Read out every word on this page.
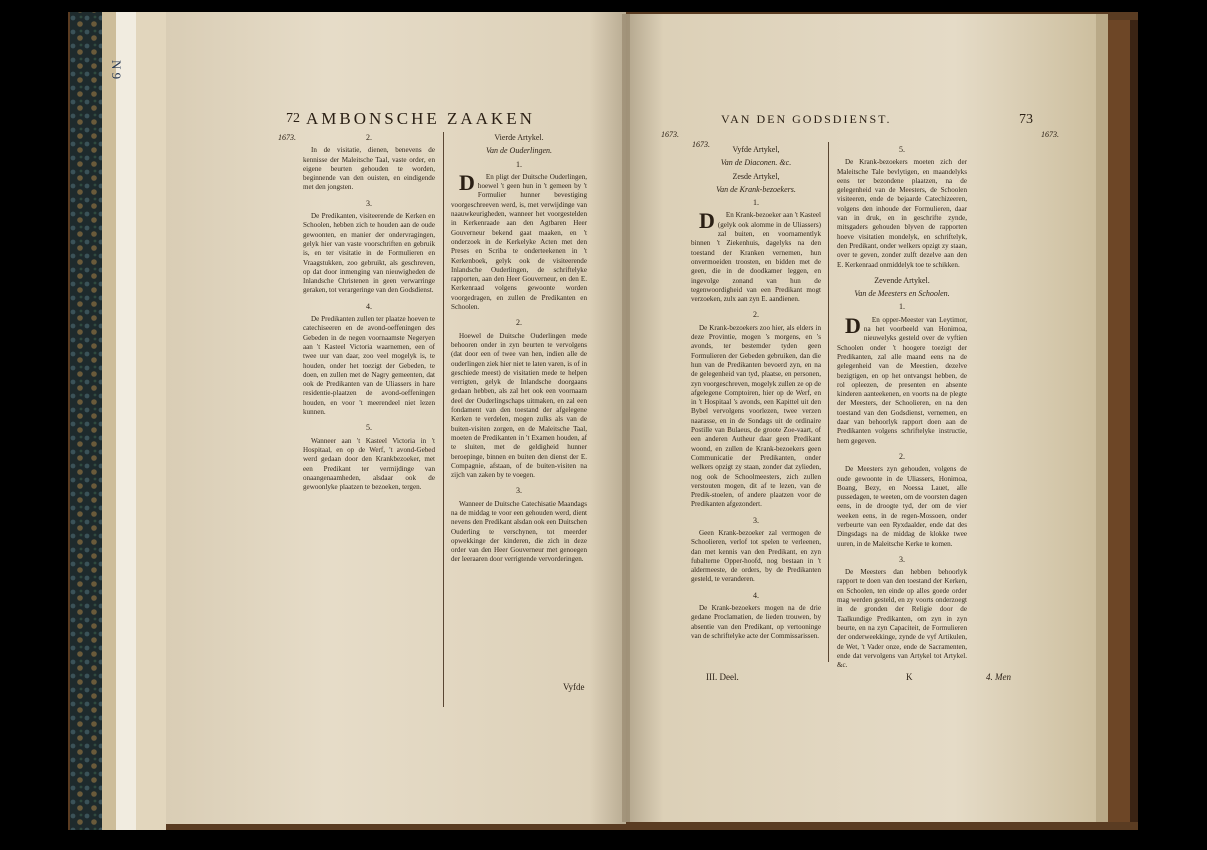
N 9
72 AMBONSCHE ZAAKEN
1673.
1673.

2.

In de visitatie, dienen, benevens de kennisse der Maleitsche Taal, vaste order, en eigene beurten gehouden te worden, beginnende van den ouisten, en eindigende met den jongsten.

3.

De Predikanten, visiteerende de Kerken en Schoolen, hebben zich te houden aan de oude gewoonten, en manier der ondervragingen, gelyk hier van vaste voorschriften en gebruik is, en ter visitatie in de Formulieren en Vraagstukken, zoo gebruikt, als geschreven, op dat door inmenging van nieuwigheden de Inlandsche Christenen in geen verwarringe geraken, tot verargeringe van den Godsdienst.

4.

De Predikanten zullen ter plaatze hoeven te catechiseeren en de avond-oeffeningen des Gebeden in de negen voornaamste Negeryen aan 't Kasteel Victoria waarnemen, een of twee uur van daar, zoo veel mogelyk is, te houden, onder het toezigt der Gebeden, te doen, en zullen met de Nagry gemeenten, dat ook de Predikanten van de Uliassers in hare residentie-plaatzen de avond-oeffeningen houden, en voor 't meerendeel niet lezen kunnen.

5.

Wanneer aan 't Kasteel Victoria in 't Hospitaal, en op de Werf, 't avond-Gebed werd gedaan door den Krankbezoeker, met een Predikant ter vermijdinge van onaangenaamheden, alsdaar ook de gewoonlyke plaatzen te bezoeken, tergen.

Vierde Artykel.

Van de Ouderlingen.

1.

D En pligt der Duitsche Ouderlingen, hoewel 't geen hun in 't gemeen by 't Formulier hunner bevestiging voorgeschreeven werd, is, met verwijdinge van naauwkeurigheden, wanneer het voorgestelden in Kerkenraade aan den Agtbaren Heer Gouverneur bekend gaat maaken, en 't onderzoek in de Kerkelyke Acten met den Preses en Scriba te onderteekenen in 't Kerkenboek, gelyk ook de visiteerende Inlandsche Ouderlingen, de schriftelyke rapporten, aan den Heer Gouverneur, en den E. Kerkenraad volgens gewoonte worden voorgedragen, en zullen de Predikanten en Schoolen.

2.

Hoewel de Duitsche Ouderlingen mede behooren onder in zyn beurten te vervolgens (dat door een of twee van hen, indien alle de ouderlingen ziek hier niet te laten varen, is of in geschiede meest) de visitatien mede te helpen verrigten, gelyk de Inlandsche doorgaans gedaan hebben, als zal het ook een voornaam deel der Ouderlingschaps uitmaken, en zal een fondament van den toestand der afgelegene Kerken te verdelen, mogen zulks als van de buiten-visiten zorgen, en de Maleitsche Taal, moeten de Predikanten in 't Examen houden, af te sluiten, met de geldigheid hunner beroepinge, binnen en buiten den dienst der E. Compagnie, afstaan, of de buiten-visiten na zijch van zaken by te voegen.

3.

Wanneer de Duitsche Catechisatie Maandags na de middag te voor een gehouden werd, dient nevens den Predikant alsdan ook een Duitschen Ouderling te verschynen, tot meerder opwekkinge der kinderen, die zich in deze order van den Heer Gouverneur met genoegen der leeraaren door verrigtende vervorderingen.

Vyfde
1673.
VAN DEN GODSDIENST.	73
1673.

Vyfde Artykel,

Van de Diaconen. &c.

Zesde Artykel,

Van de Krank-bezoekers.

1.

D En Krank-bezoeker aan 't Kasteel (gelyk ook alomme in de Uliassers) zal buiten, en voornamentlyk binnen 't Ziekenhuis, dagelyks na den toestand der Kranken vernemen, hun onvermoeiden troosten, en bidden met de geen, die in de doodkamer leggen, en ingevolge zonand van hun de tegenwoordigheid van een Predikant mogt verzoeken, zulx aan zyn E. aandienen.

2.

De Krank-bezoekers zoo hier, als elders in deze Provintie, mogen 's morgens, en 's avonds, ter bestemder tyden geen Formulieren der Gebeden gebruiken, dan die hun van de Predikanten bevoerd zyn, en na de gelegenheid van tyd, plaatse, en personen, zyn voorgeschreven, mogelyk zullen ze op de afgelegene Comptoiren, hier op de Werf, en in 't Hospitaal 's avonds, een Kapittel uit den Bybel vervolgens voorlezen, twee verzen naarasse, en in de Sondags uit de ordinaire Postille van Bulaeus, de groote Zoe-vaart, of een anderen Autheur daar geen Predikant woond, en zullen de Krank-bezoekers geen Communicatie der Predikanten, onder welkers opzigt zy staan, zonder dat zylieden, nog ook de Schoolmeesters, zich zullen verstouten mogen, dit af te lezen, van de Predik-stoelen, of andere plaatzen voor de Predikanten afgezondert.

3.

Geen Krank-bezoeker zal vermogen de Schoolieren, verlof tot spelen te verleenen, dan met kennis van den Predikant, en zyn fubalterne Opper-hoofd, nog bestaan in 't aldermeeste, de orders, by de Predikanten gesteld, te veranderen.

4.

De Krank-bezoekers mogen na de drie gedane Proclamatien, de lieden trouwen, by absentie van den Predikant, op vertooninge van de schriftelyke acte der Commissarissen.

5.

De Krank-bezoekers moeten zich der Maleitsche Tale bevlytigen, en maandelyks eens ter bezondene plaatzen, na de gelegenheid van de Meesters, de Schoolen visiteeren, ende de bejaarde Catechizeeren, volgens den inhoude der Formulieren, daar van in druk, en in geschrifte zynde, mitsgaders gehouden blyven de rapporten hoeve visitatien mondelyk, en schriftelyk, den Predikant, onder welkers opzigt zy staan, over te geven, zonder zulft dezelve aan den E. Kerkenraad onmiddelyk toe te schikken.

Zevende Artykel.

Van de Meesters en Schoolen.

1.

D En opper-Meester van Leytimor, na het voorbeeld van Honimoa, nieuwelyks gesteld over de vyftien Schoolen onder 't hoogere toezigt der Predikanten, zal alle maand eens na de gelegenheid van de Meestien, dezelve bezigtigen, en op het ontvangst hebben, de rol opleezen, de presenten en absente kinderen aanteekenen, en voorts na de plegte der Meesters, der Schoolieren, en na den toestand van den Godsdienst, vernemen, en daar van behoorlyk rapport doen aan de Predikanten volgens schriftelyke instructie, hem gegeven.

2.

De Meesters zyn gehouden, volgens de oude gewoonte in de Uliassers, Honimoa, Boang, Bezy, en Noessa Lauet, alle pussedagen, te weeten, om de voorsten dagen eens, in de droogte tyd, der om de vier weeken eens, in de regen-Mossoen, onder verbeurte van een Ryxdaalder, ende dat des Dingsdags na de middag de klokke twee uuren, in de Maleitsche Kerke te komen.

3.

De Meesters dan hebben behoorlyk rapport te doen van den toestand der Kerken, en Schoolen, ten einde op alles goede order mag werden gesteld, en zy voorts onderzoegt in de gronden der Religie door de Taalkundige Predikanten, om zyn in zyn beurte, en na zyn Capaciteit, de Formulieren der onderweekkinge, zynde de vyf Artikulen, de Wet, 't Vader onze, ende de Sacramenten, ende dat vervolgens van Artykel tot Artykel. &c.

III. Deel.	K	4. Men
